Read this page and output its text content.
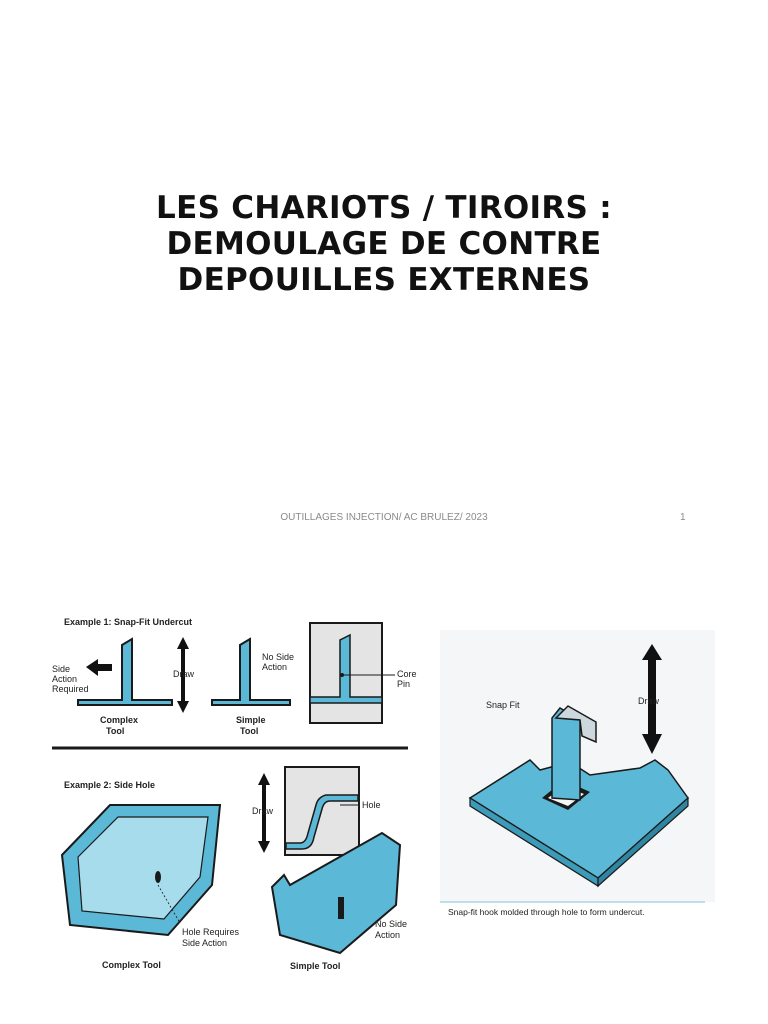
LES CHARIOTS / TIROIRS :
DEMOULAGE DE CONTRE
DEPOUILLES EXTERNES
OUTILLAGES INJECTION/ AC BRULEZ/ 2023	1
Example 1: Snap-Fit Undercut
Side
Action
Required
Draw
Complex
Tool
No Side
Action
Simple
Tool
Core
Pin
Example 2: Side Hole
Draw
Hole
Hole Requires
Side Action
Complex Tool
No Side
Action
Simple Tool
Draw
Snap Fit
Snap-fit hook molded through hole to form undercut.
